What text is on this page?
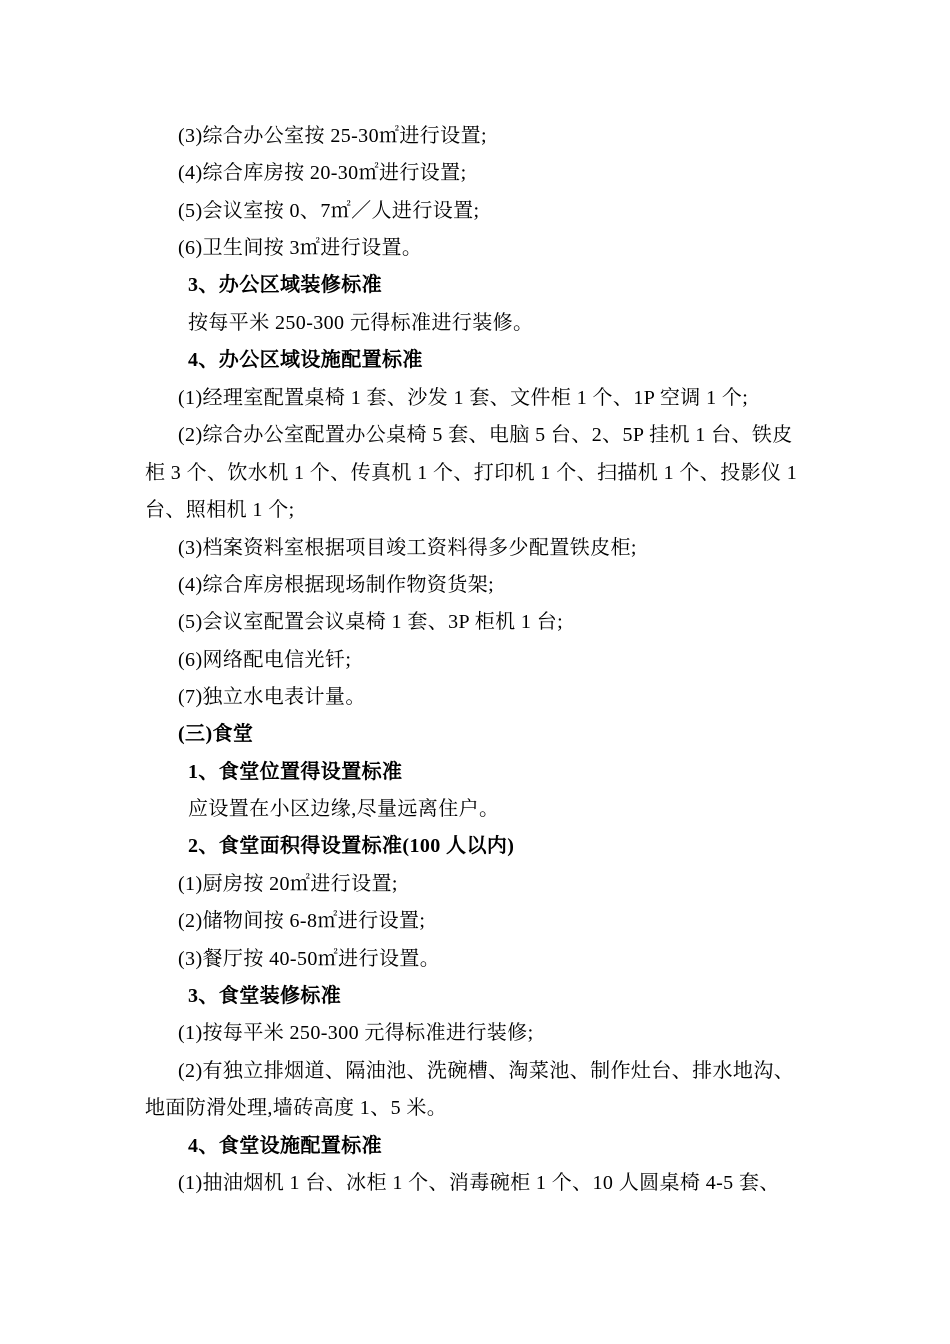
(3)综合办公室按 25-30㎡进行设置;
(4)综合库房按 20-30㎡进行设置;
(5)会议室按 0、7㎡／人进行设置;
(6)卫生间按 3㎡进行设置。
3、办公区域装修标准
按每平米 250-300 元得标准进行装修。
4、办公区域设施配置标准
(1)经理室配置桌椅 1 套、沙发 1 套、文件柜 1 个、1P 空调 1 个;
(2)综合办公室配置办公桌椅 5 套、电脑 5 台、2、5P 挂机 1 台、铁皮
柜 3 个、饮水机 1 个、传真机 1 个、打印机 1 个、扫描机 1 个、投影仪 1
台、照相机 1 个;
(3)档案资料室根据项目竣工资料得多少配置铁皮柜;
(4)综合库房根据现场制作物资货架;
(5)会议室配置会议桌椅 1 套、3P 柜机 1 台;
(6)网络配电信光钎;
(7)独立水电表计量。
(三)食堂
1、食堂位置得设置标准
应设置在小区边缘,尽量远离住户。
2、食堂面积得设置标准(100 人以内)
(1)厨房按 20㎡进行设置;
(2)储物间按 6-8㎡进行设置;
(3)餐厅按 40-50㎡进行设置。
3、食堂装修标准
(1)按每平米 250-300 元得标准进行装修;
(2)有独立排烟道、隔油池、洗碗槽、淘菜池、制作灶台、排水地沟、
地面防滑处理,墙砖高度 1、5 米。
4、食堂设施配置标准
(1)抽油烟机 1 台、冰柜 1 个、消毒碗柜 1 个、10 人圆桌椅 4-5 套、
